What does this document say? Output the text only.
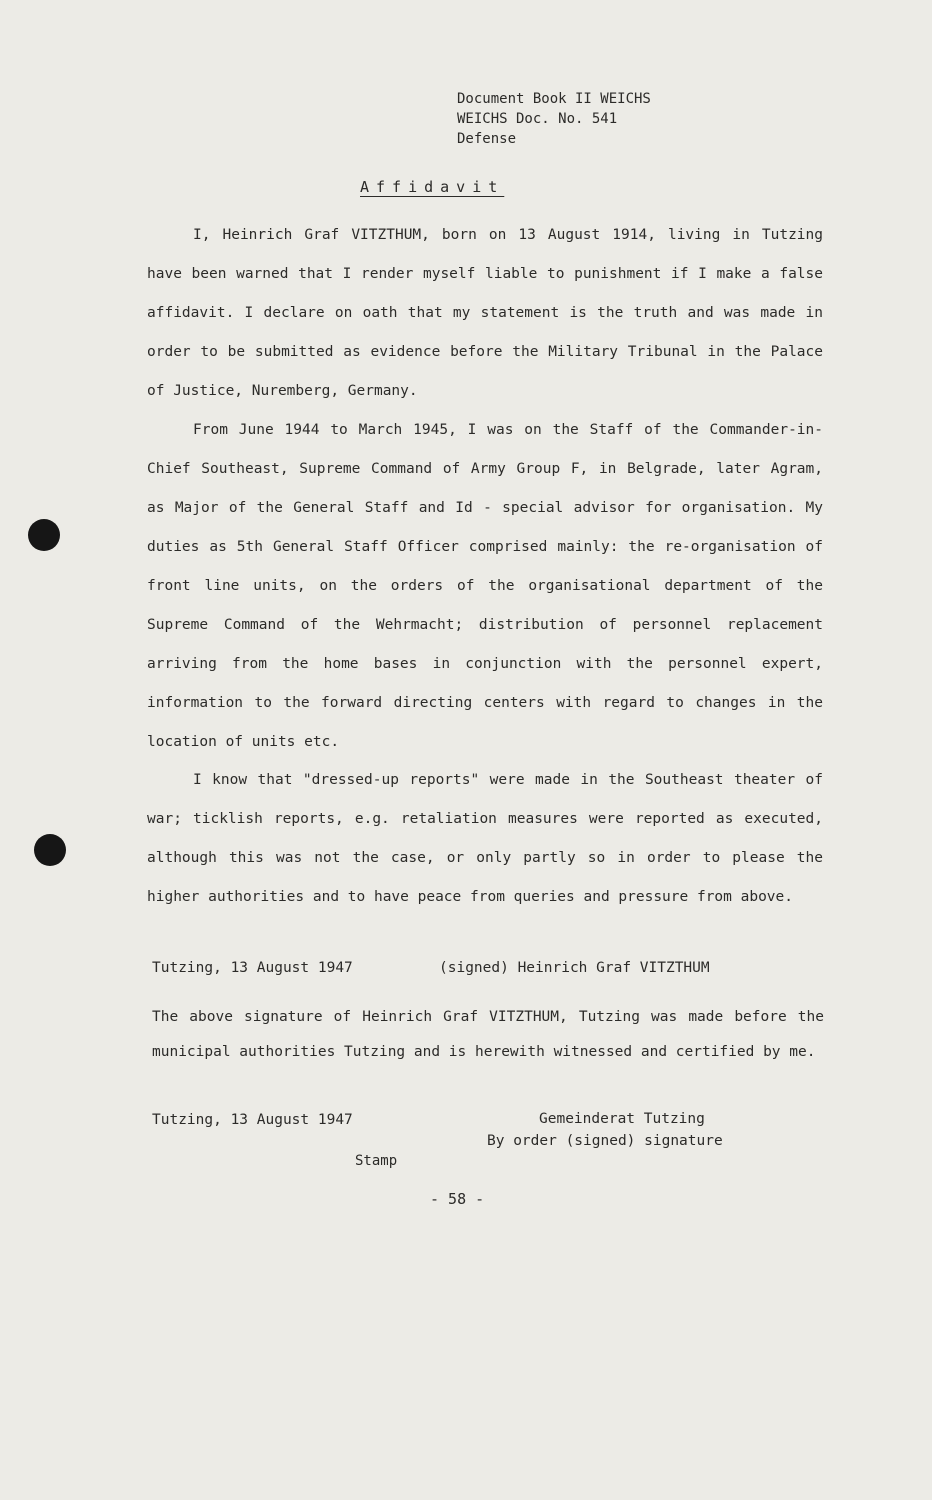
Document Book II WEICHS
WEICHS Doc. No. 541
Defense
Affidavit

I, Heinrich Graf VITZTHUM, born on 13 August 1914, living in Tutzing have been warned that I render myself liable to punishment if I make a false affidavit. I declare on oath that my statement is the truth and was made in order to be submitted as evidence before the Military Tribunal in the Palace of Justice, Nuremberg, Germany.

From June 1944 to March 1945, I was on the Staff of the Commander-in-Chief Southeast, Supreme Command of Army Group F, in Belgrade, later Agram, as Major of the General Staff and Id - special advisor for organisation. My duties as 5th General Staff Officer comprised mainly: the re-organisation of front line units, on the orders of the organisational department of the Supreme Command of the Wehrmacht; distribution of personnel replacement arriving from the home bases in conjunction with the personnel expert, information to the forward directing centers with regard to changes in the location of units etc.

I know that "dressed-up reports" were made in the Southeast theater of war; ticklish reports, e.g. retaliation measures were reported as executed, although this was not the case, or only partly so in order to please the higher authorities and to have peace from queries and pressure from above.

Tutzing, 13 August 1947	(signed) Heinrich Graf VITZTHUM
The above signature of Heinrich Graf VITZTHUM, Tutzing was made before the municipal authorities Tutzing and is herewith witnessed and certified by me.
Tutzing, 13 August 1947	Gemeinderat Tutzing
By order (signed) signature
Stamp
- 58 -
